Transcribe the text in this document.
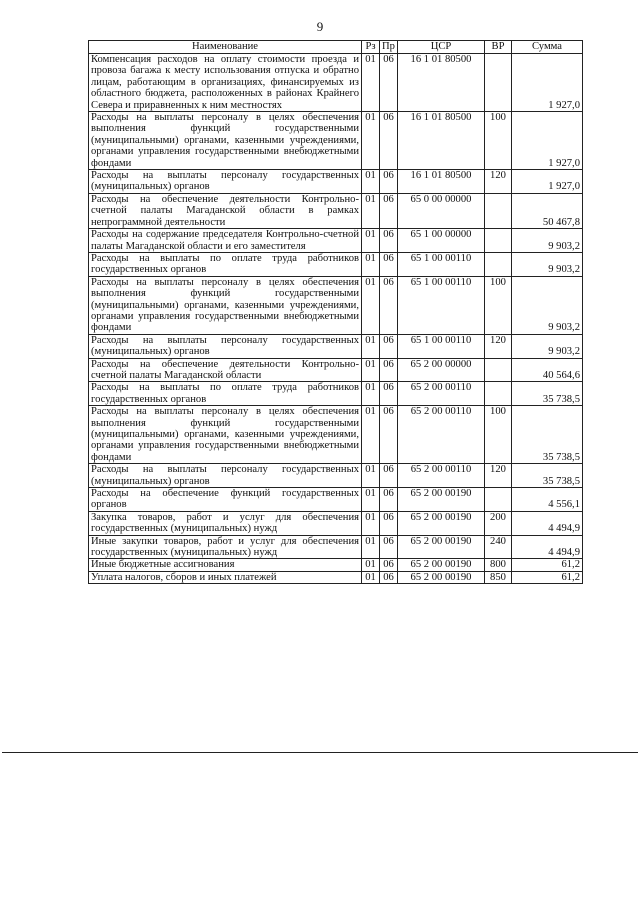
9
Наименование	Рз	Пр	ЦСР	ВР	Сумма
Компенсация расходов на оплату стоимости проезда и провоза багажа к месту использования отпуска и обратно лицам, работающим в организациях, финансируемых из областного бюджета, расположенных в районах Крайнего Севера и приравненных к ним местностях	01	06	16 1 01 80500		1 927,0
Расходы на выплаты персоналу в целях обеспечения выполнения функций государственными (муниципальными) органами, казенными учреждениями, органами управления государственными внебюджетными фондами	01	06	16 1 01 80500	100	1 927,0
Расходы на выплаты персоналу государственных (муниципальных) органов	01	06	16 1 01 80500	120	1 927,0
Расходы на обеспечение деятельности Контрольно-счетной палаты Магаданской области в рамках непрограммной деятельности	01	06	65 0 00 00000		50 467,8
Расходы на содержание председателя Контрольно-счетной палаты Магаданской области и его заместителя	01	06	65 1 00 00000		9 903,2
Расходы на выплаты по оплате труда работников государственных органов	01	06	65 1 00 00110		9 903,2
Расходы на выплаты персоналу в целях обеспечения выполнения функций государственными (муниципальными) органами, казенными учреждениями, органами управления государственными внебюджетными фондами	01	06	65 1 00 00110	100	9 903,2
Расходы на выплаты персоналу государственных (муниципальных) органов	01	06	65 1 00 00110	120	9 903,2
Расходы на обеспечение деятельности Контрольно-счетной палаты Магаданской области	01	06	65 2 00 00000		40 564,6
Расходы на выплаты по оплате труда работников государственных органов	01	06	65 2 00 00110		35 738,5
Расходы на выплаты персоналу в целях обеспечения выполнения функций государственными (муниципальными) органами, казенными учреждениями, органами управления государственными внебюджетными фондами	01	06	65 2 00 00110	100	35 738,5
Расходы на выплаты персоналу государственных (муниципальных) органов	01	06	65 2 00 00110	120	35 738,5
Расходы на обеспечение функций государственных органов	01	06	65 2 00 00190		4 556,1
Закупка товаров, работ и услуг для обеспечения государственных (муниципальных) нужд	01	06	65 2 00 00190	200	4 494,9
Иные закупки товаров, работ и услуг для обеспечения государственных (муниципальных) нужд	01	06	65 2 00 00190	240	4 494,9
Иные бюджетные ассигнования	01	06	65 2 00 00190	800	61,2
Уплата налогов, сборов и иных платежей	01	06	65 2 00 00190	850	61,2
